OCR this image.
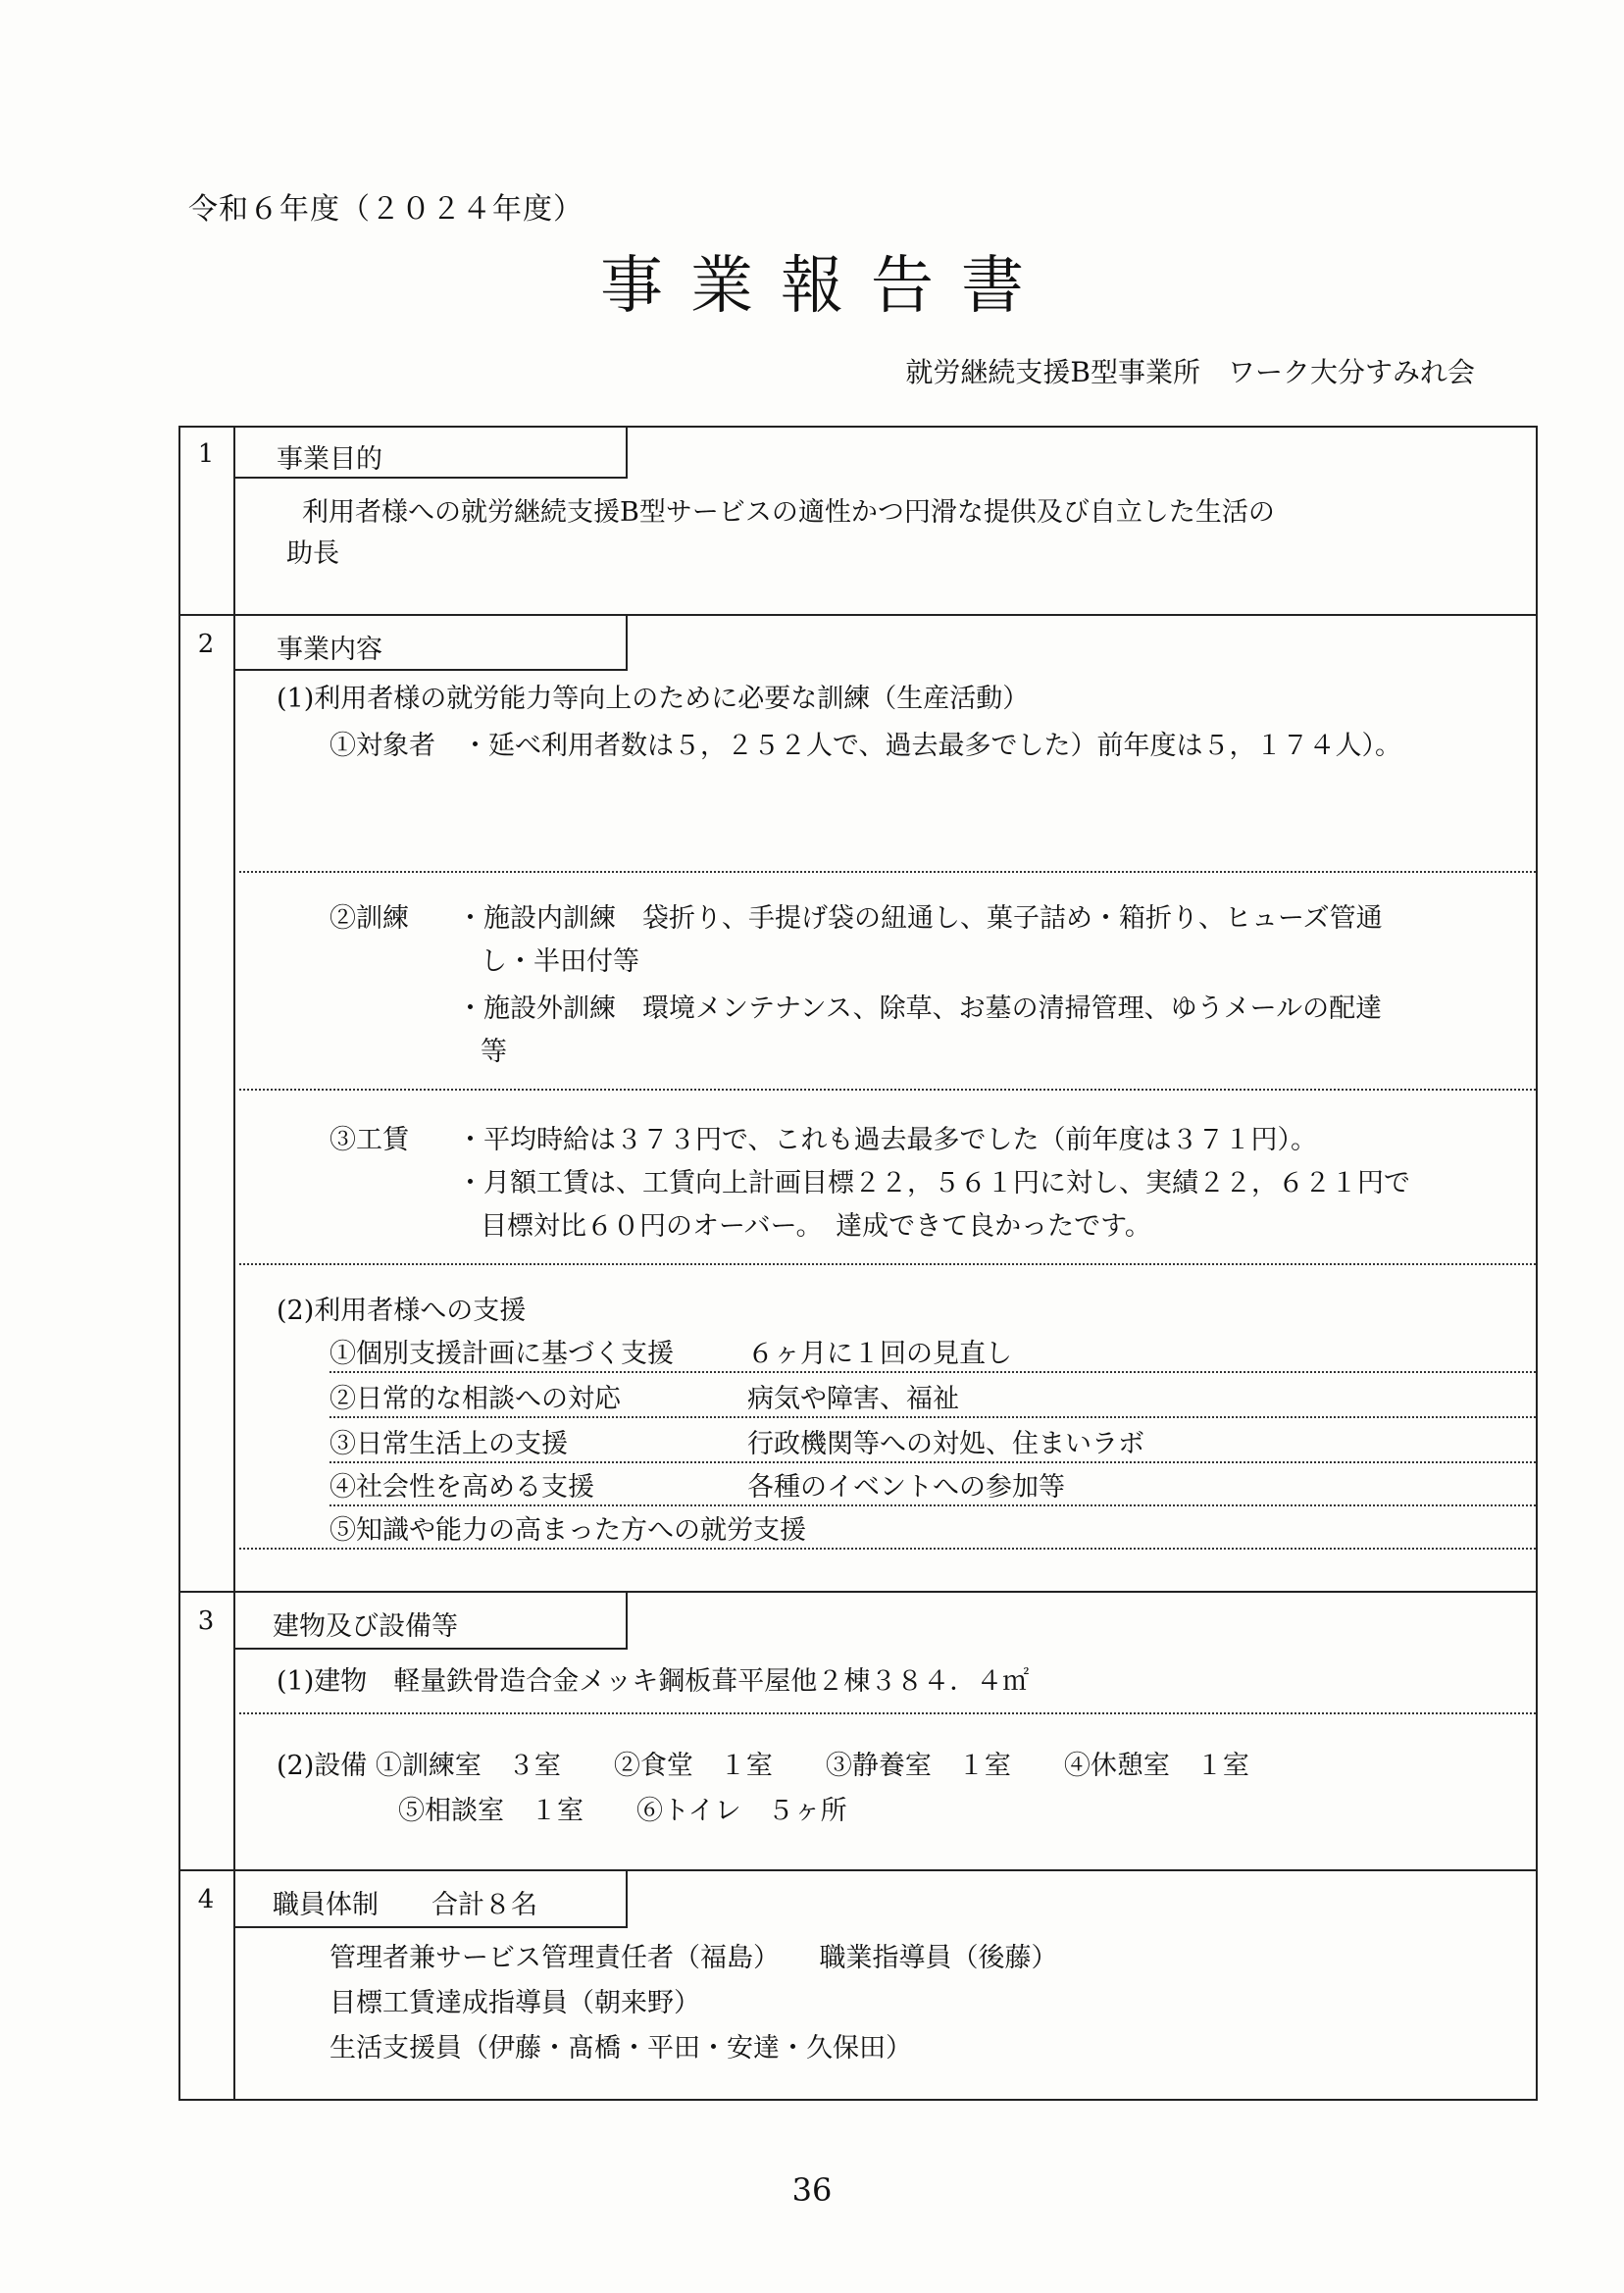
令和６年度（２０２４年度）
事業報告書
就労継続支援B型事業所　ワーク大分すみれ会
1	事業目的
利用者様への就労継続支援B型サービスの適性かつ円滑な提供及び自立した生活の
助長
2	事業内容
(1)利用者様の就労能力等向上のために必要な訓練（生産活動）
①対象者　・延べ利用者数は５，２５２人で、過去最多でした）前年度は５，１７４人）。
②訓練 ・施設内訓練　袋折り、手提げ袋の紐通し、菓子詰め・箱折り、ヒューズ管通
し・半田付等
・施設外訓練　環境メンテナンス、除草、お墓の清掃管理、ゆうメールの配達
等
③工賃 ・平均時給は３７３円で、これも過去最多でした（前年度は３７１円）。
・月額工賃は、工賃向上計画目標２２，５６１円に対し、実績２２，６２１円で
目標対比６０円のオーバー。　達成できて良かったです。
(2)利用者様への支援
①個別支援計画に基づく支援	６ヶ月に１回の見直し
②日常的な相談への対応	病気や障害、福祉
③日常生活上の支援	行政機関等への対処、住まいラボ
④社会性を高める支援	各種のイベントへの参加等
⑤知識や能力の高まった方への就労支援
3	建物及び設備等
(1)建物　軽量鉄骨造合金メッキ鋼板葺平屋他２棟３８４．４㎡
(2)設備 ①訓練室　３室　　②食堂　１室　　③静養室　１室　　④休憩室　１室
⑤相談室　１室　　⑥トイレ　５ヶ所
4	職員体制　　合計８名
管理者兼サービス管理責任者（福島）　　職業指導員（後藤）
目標工賃達成指導員（朝来野）
生活支援員（伊藤・髙橋・平田・安達・久保田）
36
